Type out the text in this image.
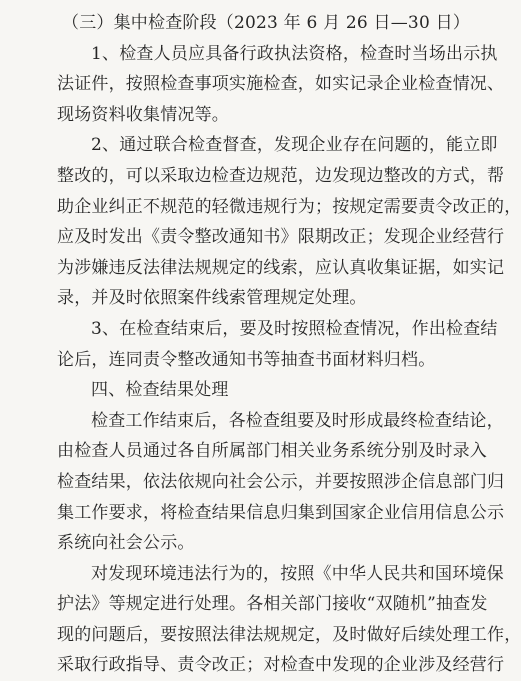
（三）集中检查阶段（2023 年 6 月 26 日—30 日）
1、检查人员应具备行政执法资格，检查时当场出示执
法证件，按照检查事项实施检查，如实记录企业检查情况、
现场资料收集情况等。
2、通过联合检查督查，发现企业存在问题的，能立即
整改的，可以采取边检查边规范，边发现边整改的方式，帮
助企业纠正不规范的轻微违规行为；按规定需要责令改正的，
应及时发出《责令整改通知书》限期改正；发现企业经营行
为涉嫌违反法律法规规定的线索，应认真收集证据，如实记
录，并及时依照案件线索管理规定处理。
3、在检查结束后，要及时按照检查情况，作出检查结
论后，连同责令整改通知书等抽查书面材料归档。
四、检查结果处理
检查工作结束后，各检查组要及时形成最终检查结论，
由检查人员通过各自所属部门相关业务系统分别及时录入
检查结果，依法依规向社会公示，并要按照涉企信息部门归
集工作要求，将检查结果信息归集到国家企业信用信息公示
系统向社会公示。
对发现环境违法行为的，按照《中华人民共和国环境保
护法》等规定进行处理。各相关部门接收“双随机”抽查发
现的问题后，要按照法律法规规定，及时做好后续处理工作，
采取行政指导、责令改正；对检查中发现的企业涉及经营行
